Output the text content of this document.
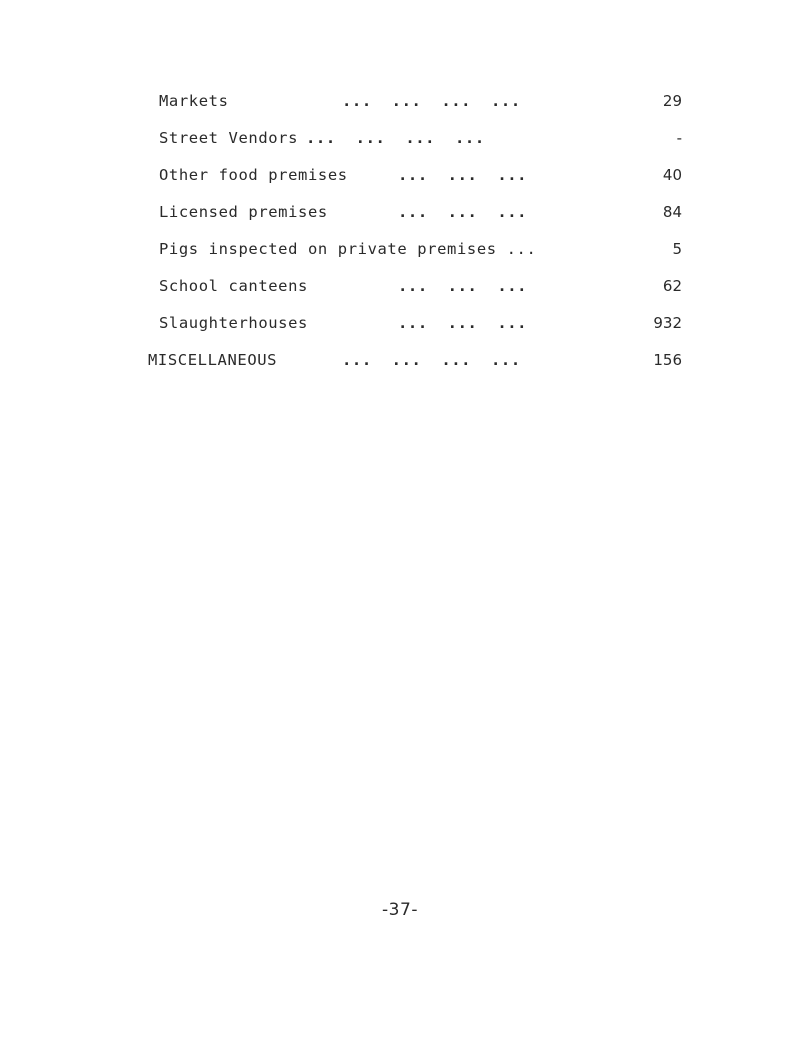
Markets	...  ...  ...  ...	29
Street Vendors ...  ...  ...  ...	-
Other food premises	...  ...  ...	40
Licensed premises	...  ...  ...	84
Pigs inspected on private premises ...	5
School canteens	...  ...  ...	62
Slaughterhouses	...  ...  ...	932
MISCELLANEOUS	...  ...  ...  ...	156
-37-
